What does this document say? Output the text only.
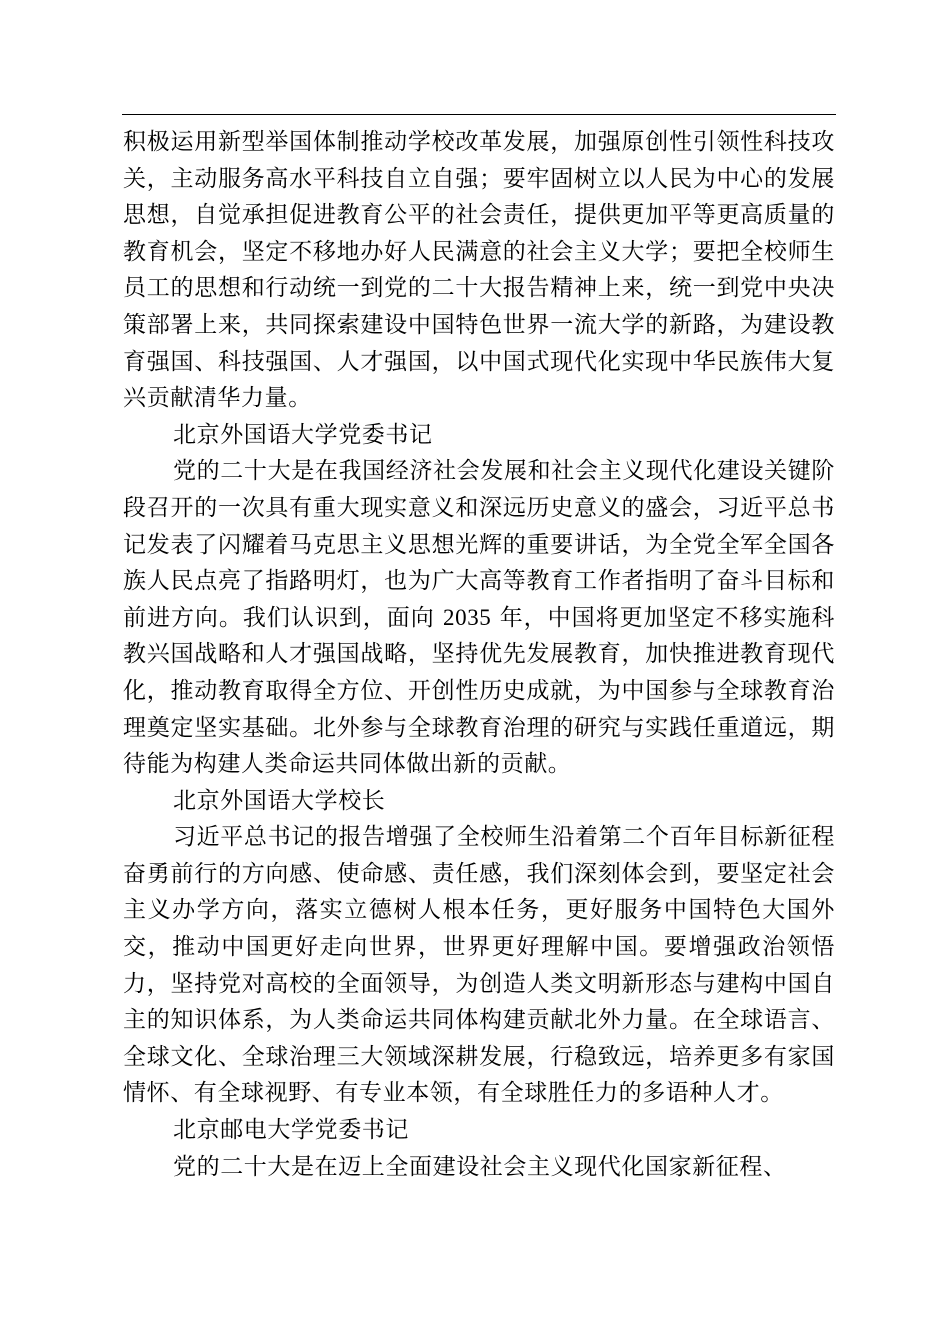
积极运用新型举国体制推动学校改革发展，加强原创性引领性科技攻关，主动服务高水平科技自立自强；要牢固树立以人民为中心的发展思想，自觉承担促进教育公平的社会责任，提供更加平等更高质量的教育机会，坚定不移地办好人民满意的社会主义大学；要把全校师生员工的思想和行动统一到党的二十大报告精神上来，统一到党中央决策部署上来，共同探索建设中国特色世界一流大学的新路，为建设教育强国、科技强国、人才强国，以中国式现代化实现中华民族伟大复兴贡献清华力量。

北京外国语大学党委书记

党的二十大是在我国经济社会发展和社会主义现代化建设关键阶段召开的一次具有重大现实意义和深远历史意义的盛会，习近平总书记发表了闪耀着马克思主义思想光辉的重要讲话，为全党全军全国各族人民点亮了指路明灯，也为广大高等教育工作者指明了奋斗目标和前进方向。我们认识到，面向 2035 年，中国将更加坚定不移实施科教兴国战略和人才强国战略，坚持优先发展教育，加快推进教育现代化，推动教育取得全方位、开创性历史成就，为中国参与全球教育治理奠定坚实基础。北外参与全球教育治理的研究与实践任重道远，期待能为构建人类命运共同体做出新的贡献。

北京外国语大学校长

习近平总书记的报告增强了全校师生沿着第二个百年目标新征程奋勇前行的方向感、使命感、责任感，我们深刻体会到，要坚定社会主义办学方向，落实立德树人根本任务，更好服务中国特色大国外交，推动中国更好走向世界，世界更好理解中国。要增强政治领悟力，坚持党对高校的全面领导，为创造人类文明新形态与建构中国自主的知识体系，为人类命运共同体构建贡献北外力量。在全球语言、全球文化、全球治理三大领域深耕发展，行稳致远，培养更多有家国情怀、有全球视野、有专业本领，有全球胜任力的多语种人才。

北京邮电大学党委书记

党的二十大是在迈上全面建设社会主义现代化国家新征程、
